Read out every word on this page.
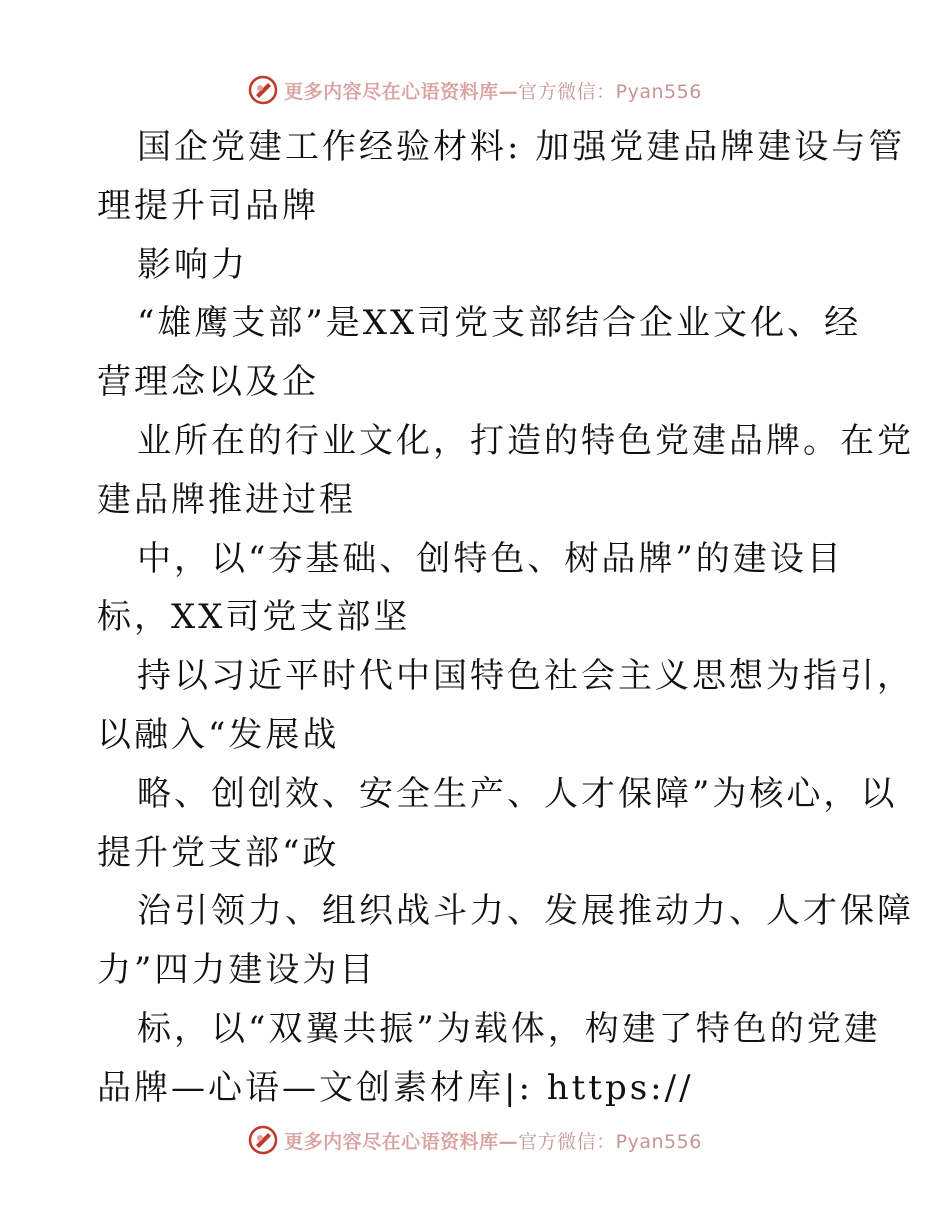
更多内容尽在心语资料库—官方微信：Pyan556
国企党建工作经验材料: 加强党建品牌建设与管
理提升司品牌
影响力
“雄鹰支部”是XX司党支部结合企业文化、经
营理念以及企
业所在的行业文化，打造的特色党建品牌。在党
建品牌推进过程
中，以“夯基础、创特色、树品牌”的建设目
标，XX司党支部坚
持以习近平时代中国特色社会主义思想为指引，
以融入“发展战
略、创创效、安全生产、人才保障”为核心，以
提升党支部“政
治引领力、组织战斗力、发展推动力、人才保障
力”四力建设为目
标，以“双翼共振”为载体，构建了特色的党建
品牌—心语—文创素材库|: https://
更多内容尽在心语资料库—官方微信：Pyan556
